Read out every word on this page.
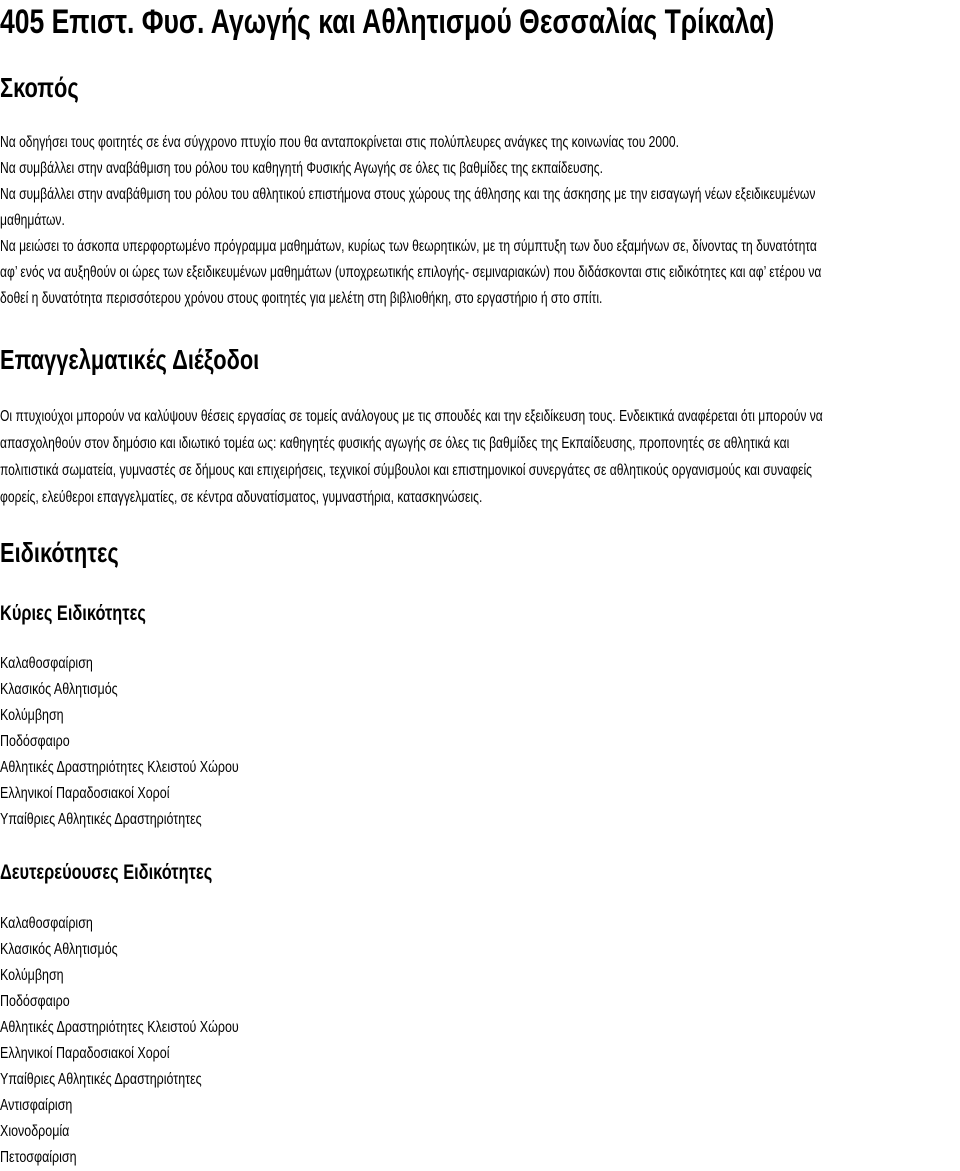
405 Επιστ. Φυσ. Αγωγής και Αθλητισμού Θεσσαλίας Τρίκαλα)
Σκοπός
Να οδηγήσει τους φοιτητές σε ένα σύγχρονο πτυχίο που θα ανταποκρίνεται στις πολύπλευρες ανάγκες της κοινωνίας του 2000.
Να συμβάλλει στην αναβάθμιση του ρόλου του καθηγητή Φυσικής Αγωγής σε όλες τις βαθμίδες της εκπαίδευσης.
Να συμβάλλει στην αναβάθμιση του ρόλου του αθλητικού επιστήμονα στους χώρους της άθλησης και της άσκησης με την εισαγωγή νέων εξειδικευμένων
μαθημάτων.
Να μειώσει το άσκοπα υπερφορτωμένο πρόγραμμα μαθημάτων, κυρίως των θεωρητικών, με τη σύμπτυξη των δυο εξαμήνων σε, δίνοντας τη δυνατότητα
αφ’ ενός να αυξηθούν οι ώρες των εξειδικευμένων μαθημάτων (υποχρεωτικής επιλογής- σεμιναριακών) που διδάσκονται στις ειδικότητες και αφ’ ετέρου να
δοθεί η δυνατότητα περισσότερου χρόνου στους φοιτητές για μελέτη στη βιβλιοθήκη, στο εργαστήριο ή στο σπίτι.
Επαγγελματικές Διέξοδοι
Οι πτυχιούχοι μπορούν να καλύψουν θέσεις εργασίας σε τομείς ανάλογους με τις σπουδές και την εξειδίκευση τους. Ενδεικτικά αναφέρεται ότι μπορούν να
απασχοληθούν στον δημόσιο και ιδιωτικό τομέα ως: καθηγητές φυσικής αγωγής σε όλες τις βαθμίδες της Εκπαίδευσης, προπονητές σε αθλητικά και
πολιτιστικά σωματεία, γυμναστές σε δήμους και επιχειρήσεις, τεχνικοί σύμβουλοι και επιστημονικοί συνεργάτες σε αθλητικούς οργανισμούς και συναφείς
φορείς, ελεύθεροι επαγγελματίες, σε κέντρα αδυνατίσματος, γυμναστήρια, κατασκηνώσεις.
Ειδικότητες
Κύριες Ειδικότητες
Καλαθοσφαίριση
Κλασικός Αθλητισμός
Κολύμβηση
Ποδόσφαιρο
Αθλητικές Δραστηριότητες Κλειστού Χώρου
Ελληνικοί Παραδοσιακοί Χοροί
Υπαίθριες Αθλητικές Δραστηριότητες
Δευτερεύουσες Ειδικότητες
Καλαθοσφαίριση
Κλασικός Αθλητισμός
Κολύμβηση
Ποδόσφαιρο
Αθλητικές Δραστηριότητες Κλειστού Χώρου
Ελληνικοί Παραδοσιακοί Χοροί
Υπαίθριες Αθλητικές Δραστηριότητες
Αντισφαίριση
Χιονοδρομία
Πετοσφαίριση
